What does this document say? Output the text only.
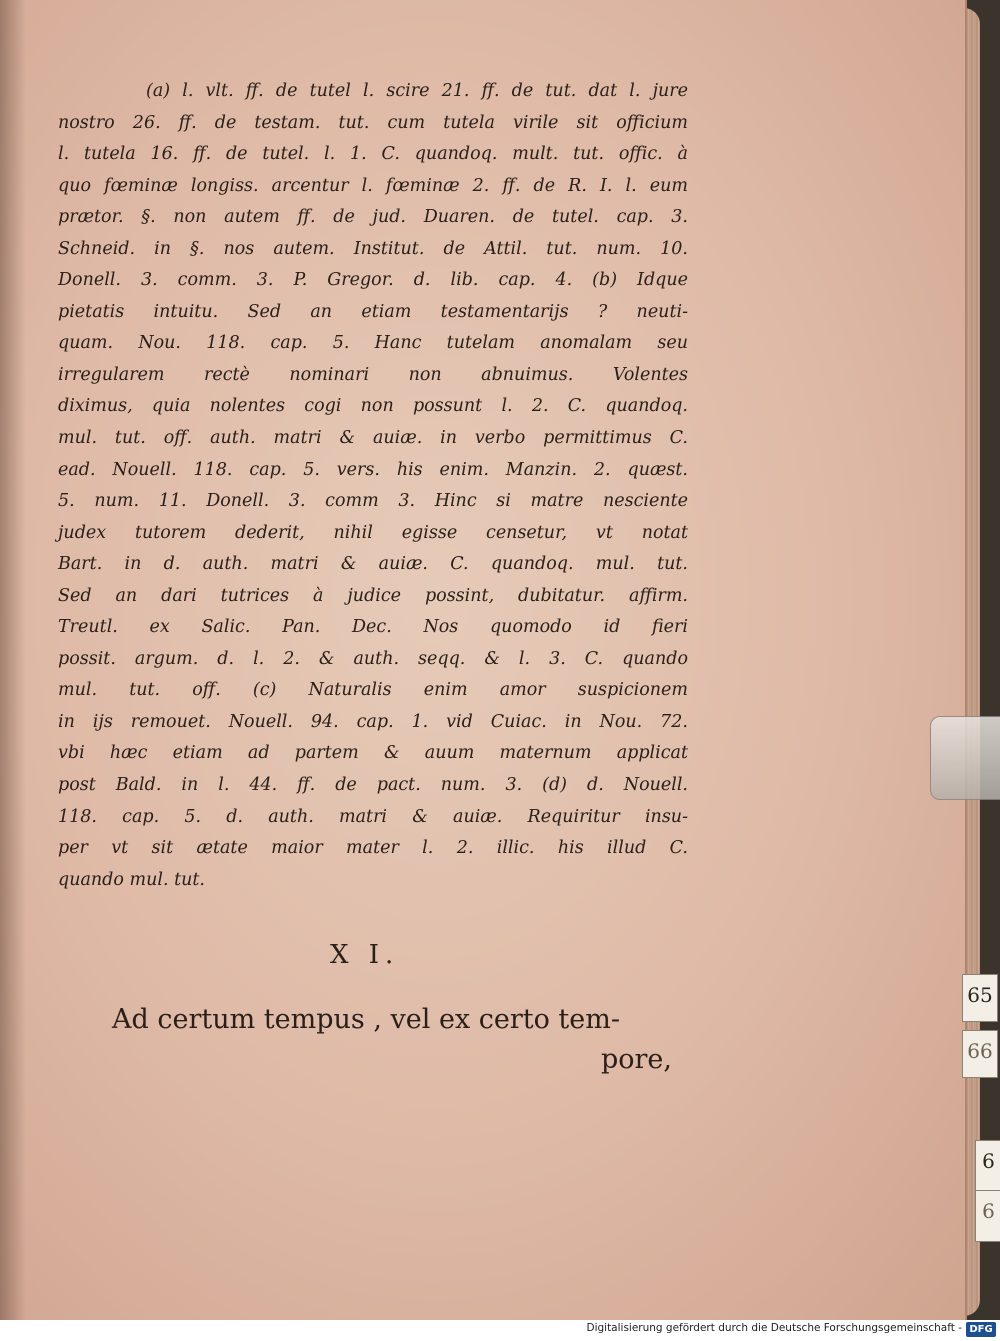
(a) l. vlt. ff. de tutel l. scire 21. ff. de tut. dat l. jure
nostro 26. ff. de testam. tut. cum tutela virile sit officium
l. tutela 16. ff. de tutel. l. 1. C. quandoq. mult. tut. offic. à
quo fœminæ longiss. arcentur l. fœminæ 2. ff. de R. I. l. eum
prætor. §. non autem ff. de jud. Duaren. de tutel. cap. 3.
Schneid. in §. nos autem. Institut. de Attil. tut. num. 10.
Donell. 3. comm. 3. P. Gregor. d. lib. cap. 4. (b) Idque
pietatis intuitu. Sed an etiam testamentarijs ? neuti-
quam. Nou. 118. cap. 5. Hanc tutelam anomalam seu
irregularem rectè nominari non abnuimus. Volentes
diximus, quia nolentes cogi non possunt l. 2. C. quandoq.
mul. tut. off. auth. matri & auiæ. in verbo permittimus C.
ead. Nouell. 118. cap. 5. vers. his enim. Manzin. 2. quæst.
5. num. 11. Donell. 3. comm 3. Hinc si matre nesciente
judex tutorem dederit, nihil egisse censetur, vt notat
Bart. in d. auth. matri & auiæ. C. quandoq. mul. tut.
Sed an dari tutrices à judice possint, dubitatur. affirm.
Treutl. ex Salic. Pan. Dec. Nos quomodo id fieri
possit. argum. d. l. 2. & auth. seqq. & l. 3. C. quando
mul. tut. off. (c) Naturalis enim amor suspicionem
in ijs remouet. Nouell. 94. cap. 1. vid Cuiac. in Nou. 72.
vbi hæc etiam ad partem & auum maternum applicat
post Bald. in l. 44. ff. de pact. num. 3. (d) d. Nouell.
118. cap. 5. d. auth. matri & auiæ. Requiritur insu-
per vt sit ætate maior mater l. 2. illic. his illud C.
quando mul. tut.
X I.
Ad certum tempus , vel ex certo tem-
pore,
65
66
6
6
Digitalisierung gefördert durch die Deutsche Forschungsgemeinschaft - DFG
